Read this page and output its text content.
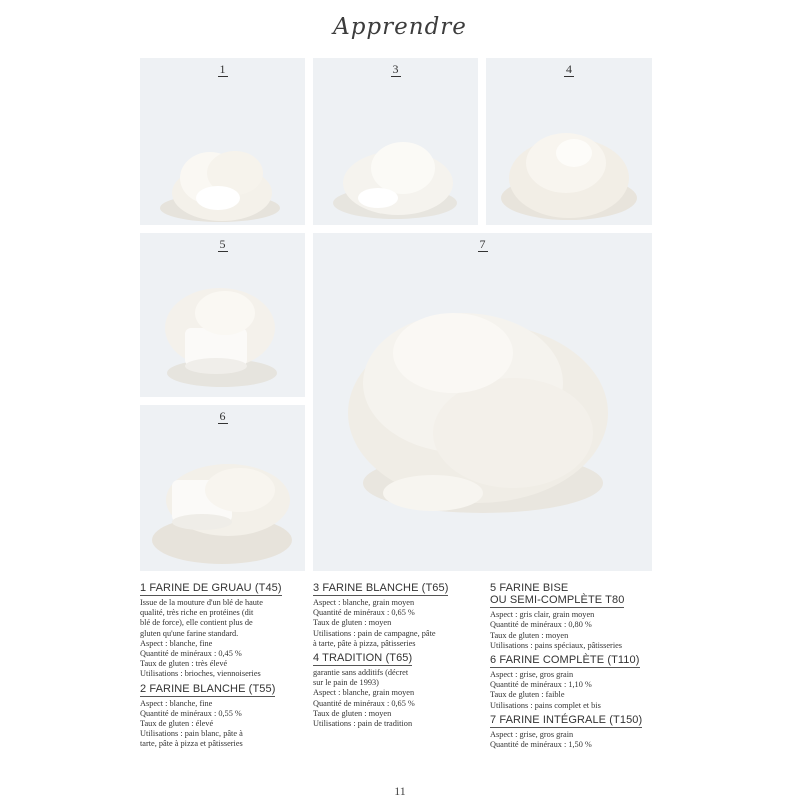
Apprendre
1	3	4
5	7
6
1 FARINE DE GRUAU (T45)
Issue de la mouture d'un blé de haute
qualité, très riche en protéines (dit
blé de force), elle contient plus de
gluten qu'une farine standard.
Aspect : blanche, fine
Quantité de minéraux : 0,45 %
Taux de gluten : très élevé
Utilisations : brioches, viennoiseries
2 FARINE BLANCHE (T55)
Aspect : blanche, fine
Quantité de minéraux : 0,55 %
Taux de gluten : élevé
Utilisations : pain blanc, pâte à
tarte, pâte à pizza et pâtisseries
3 FARINE BLANCHE (T65)
Aspect : blanche, grain moyen
Quantité de minéraux : 0,65 %
Taux de gluten : moyen
Utilisations : pain de campagne, pâte
à tarte, pâte à pizza, pâtisseries
4 TRADITION (T65)
garantie sans additifs (décret
sur le pain de 1993)
Aspect : blanche, grain moyen
Quantité de minéraux : 0,65 %
Taux de gluten : moyen
Utilisations : pain de tradition
5 FARINE BISE
OU SEMI-COMPLÈTE T80
Aspect : gris clair, grain moyen
Quantité de minéraux : 0,80 %
Taux de gluten : moyen
Utilisations : pains spéciaux, pâtisseries
6 FARINE COMPLÈTE (T110)
Aspect : grise, gros grain
Quantité de minéraux : 1,10 %
Taux de gluten : faible
Utilisations : pains complet et bis
7 FARINE INTÉGRALE (T150)
Aspect : grise, gros grain
Quantité de minéraux : 1,50 %
11
